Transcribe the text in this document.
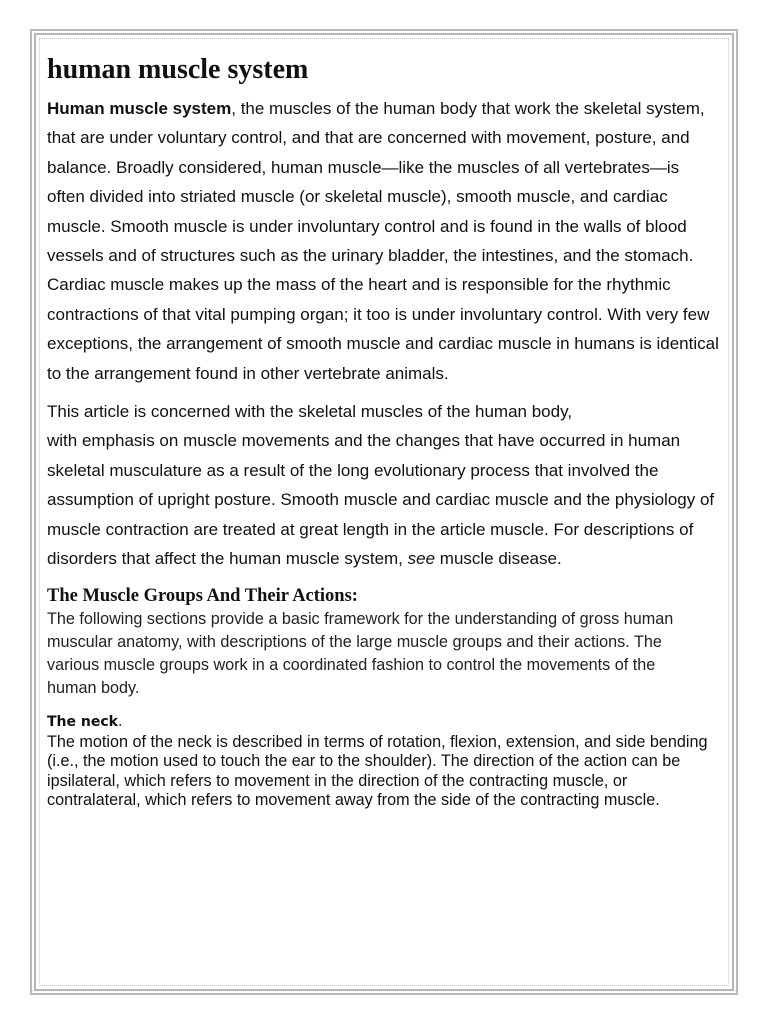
human muscle system

Human muscle system, the muscles of the human body that work the skeletal system, that are under voluntary control, and that are concerned with movement, posture, and balance. Broadly considered, human muscle—like the muscles of all vertebrates—is often divided into striated muscle (or skeletal muscle), smooth muscle, and cardiac muscle. Smooth muscle is under involuntary control and is found in the walls of blood vessels and of structures such as the urinary bladder, the intestines, and the stomach. Cardiac muscle makes up the mass of the heart and is responsible for the rhythmic contractions of that vital pumping organ; it too is under involuntary control. With very few exceptions, the arrangement of smooth muscle and cardiac muscle in humans is identical to the arrangement found in other vertebrate animals.

This article is concerned with the skeletal muscles of the human body,
with emphasis on muscle movements and the changes that have occurred in human skeletal musculature as a result of the long evolutionary process that involved the assumption of upright posture. Smooth muscle and cardiac muscle and the physiology of muscle contraction are treated at great length in the article muscle. For descriptions of disorders that affect the human muscle system, see muscle disease.

The Muscle Groups And Their Actions:

The following sections provide a basic framework for the understanding of gross human muscular anatomy, with descriptions of the large muscle groups and their actions. The various muscle groups work in a coordinated fashion to control the movements of the human body.

The neck.

The motion of the neck is described in terms of rotation, flexion, extension, and side bending (i.e., the motion used to touch the ear to the shoulder). The direction of the action can be ipsilateral, which refers to movement in the direction of the contracting muscle, or contralateral, which refers to movement away from the side of the contracting muscle.
